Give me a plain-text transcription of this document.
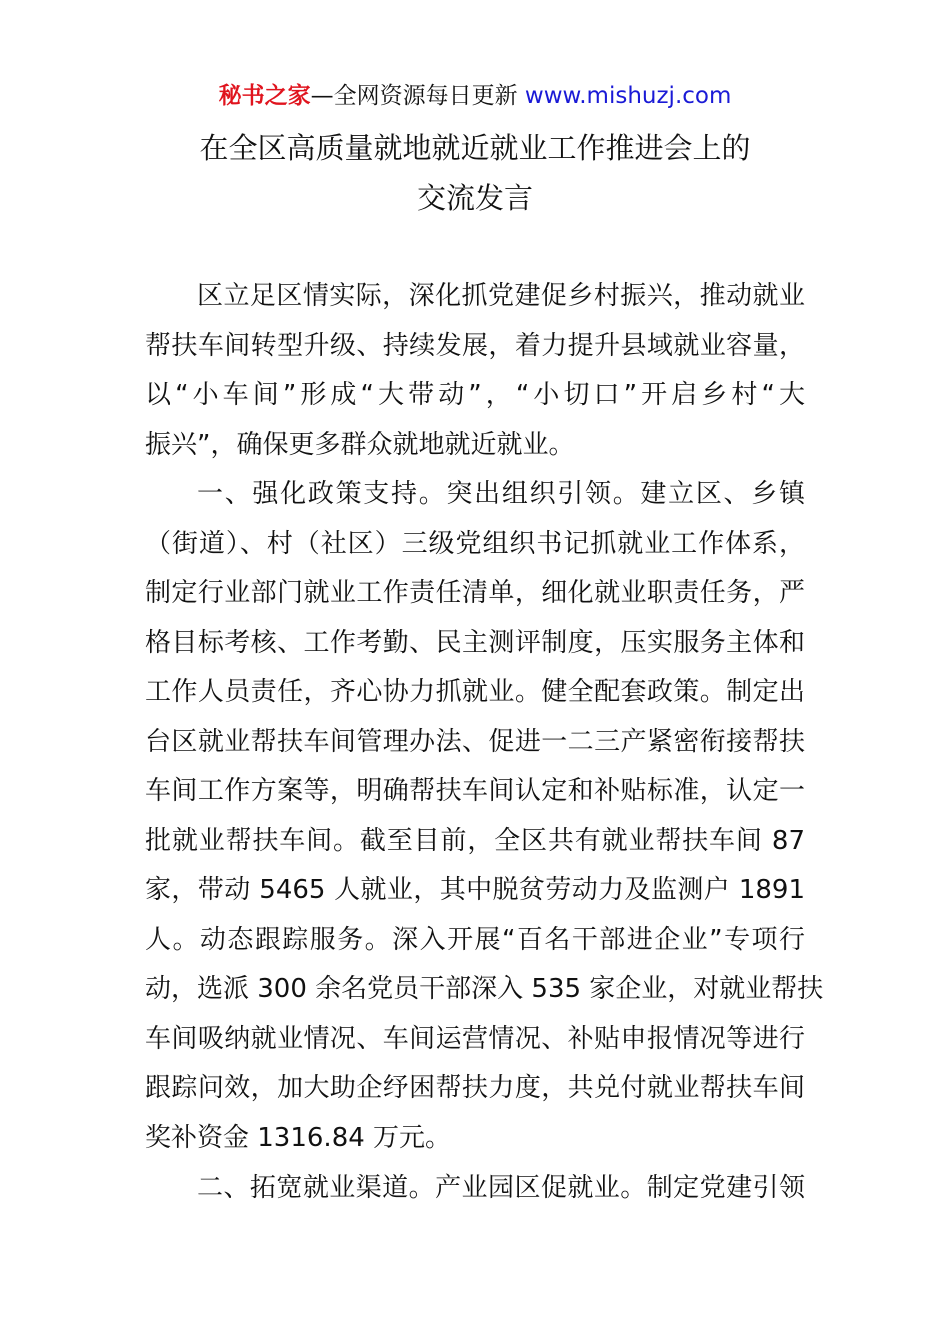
秘书之家—全网资源每日更新 www.mishuzj.com
在全区高质量就地就近就业工作推进会上的
交流发言
区立足区情实际，深化抓党建促乡村振兴，推动就业
帮扶车间转型升级、持续发展，着力提升县域就业容量，
以“小车间”形成“大带动”，“小切口”开启乡村“大
振兴”，确保更多群众就地就近就业。
一、强化政策支持。突出组织引领。建立区、乡镇
（街道）、村（社区）三级党组织书记抓就业工作体系，
制定行业部门就业工作责任清单，细化就业职责任务，严
格目标考核、工作考勤、民主测评制度，压实服务主体和
工作人员责任，齐心协力抓就业。健全配套政策。制定出
台区就业帮扶车间管理办法、促进一二三产紧密衔接帮扶
车间工作方案等，明确帮扶车间认定和补贴标准，认定一
批就业帮扶车间。截至目前，全区共有就业帮扶车间 87
家，带动 5465 人就业，其中脱贫劳动力及监测户 1891
人。动态跟踪服务。深入开展“百名干部进企业”专项行
动，选派 300 余名党员干部深入 535 家企业，对就业帮扶
车间吸纳就业情况、车间运营情况、补贴申报情况等进行
跟踪问效，加大助企纾困帮扶力度，共兑付就业帮扶车间
奖补资金 1316.84 万元。
二、拓宽就业渠道。产业园区促就业。制定党建引领
